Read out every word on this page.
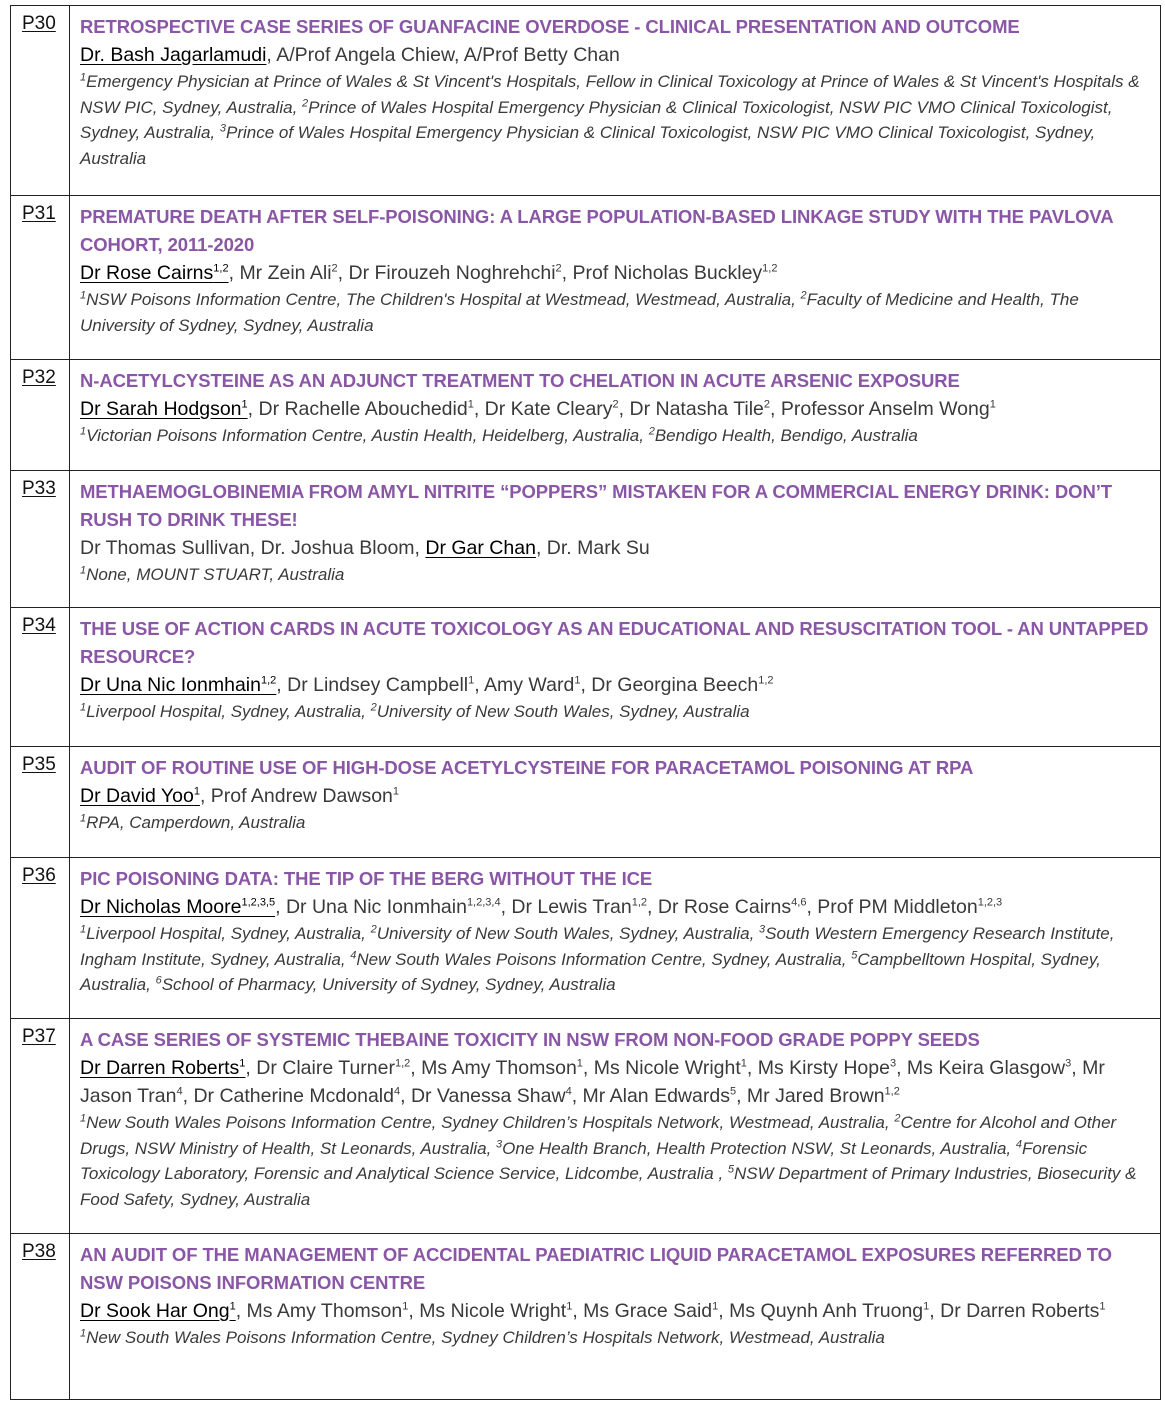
P30	RETROSPECTIVE CASE SERIES OF GUANFACINE OVERDOSE - CLINICAL PRESENTATION AND OUTCOME
Dr. Bash Jagarlamudi, A/Prof Angela Chiew, A/Prof Betty Chan
$^1$Emergency Physician at Prince of Wales & St Vincent's Hospitals, Fellow in Clinical Toxicology at Prince of Wales & St Vincent's Hospitals & NSW PIC, Sydney, Australia, $^2$Prince of Wales Hospital Emergency Physician & Clinical Toxicologist, NSW PIC VMO Clinical Toxicologist, Sydney, Australia, $^3$Prince of Wales Hospital Emergency Physician & Clinical Toxicologist, NSW PIC VMO Clinical Toxicologist, Sydney, Australia

P31	PREMATURE DEATH AFTER SELF-POISONING: A LARGE POPULATION-BASED LINKAGE STUDY WITH THE PAVLOVA COHORT, 2011-2020
Dr Rose Cairns$^{1,2}$, Mr Zein Ali$^2$, Dr Firouzeh Noghrehchi$^2$, Prof Nicholas Buckley$^{1,2}$
$^1$NSW Poisons Information Centre, The Children's Hospital at Westmead, Westmead, Australia, $^2$Faculty of Medicine and Health, The University of Sydney, Sydney, Australia

P32	N-ACETYLCYSTEINE AS AN ADJUNCT TREATMENT TO CHELATION IN ACUTE ARSENIC EXPOSURE
Dr Sarah Hodgson$^1$, Dr Rachelle Abouchedid$^1$, Dr Kate Cleary$^2$, Dr Natasha Tile$^2$, Professor Anselm Wong$^1$
$^1$Victorian Poisons Information Centre, Austin Health, Heidelberg, Australia, $^2$Bendigo Health, Bendigo, Australia

P33	METHAEMOGLOBINEMIA FROM AMYL NITRITE “POPPERS” MISTAKEN FOR A COMMERCIAL ENERGY DRINK: DON’T RUSH TO DRINK THESE!
Dr Thomas Sullivan, Dr. Joshua Bloom, Dr Gar Chan, Dr. Mark Su
$^1$None, MOUNT STUART, Australia

P34	THE USE OF ACTION CARDS IN ACUTE TOXICOLOGY AS AN EDUCATIONAL AND RESUSCITATION TOOL - AN UNTAPPED RESOURCE?
Dr Una Nic Ionmhain$^{1,2}$, Dr Lindsey Campbell$^1$, Amy Ward$^1$, Dr Georgina Beech$^{1,2}$
$^1$Liverpool Hospital, Sydney, Australia, $^2$University of New South Wales, Sydney, Australia

P35	AUDIT OF ROUTINE USE OF HIGH-DOSE ACETYLCYSTEINE FOR PARACETAMOL POISONING AT RPA
Dr David Yoo$^1$, Prof Andrew Dawson$^1$
$^1$RPA, Camperdown, Australia

P36	PIC POISONING DATA: THE TIP OF THE BERG WITHOUT THE ICE
Dr Nicholas Moore$^{1,2,3,5}$, Dr Una Nic Ionmhain$^{1,2,3,4}$, Dr Lewis Tran$^{1,2}$, Dr Rose Cairns$^{4,6}$, Prof PM Middleton$^{1,2,3}$
$^1$Liverpool Hospital, Sydney, Australia, $^2$University of New South Wales, Sydney, Australia, $^3$South Western Emergency Research Institute, Ingham Institute, Sydney, Australia, $^4$New South Wales Poisons Information Centre, Sydney, Australia, $^5$Campbelltown Hospital, Sydney, Australia, $^6$School of Pharmacy, University of Sydney, Sydney, Australia

P37	A CASE SERIES OF SYSTEMIC THEBAINE TOXICITY IN NSW FROM NON-FOOD GRADE POPPY SEEDS
Dr Darren Roberts$^1$, Dr Claire Turner$^{1,2}$, Ms Amy Thomson$^1$, Ms Nicole Wright$^1$, Ms Kirsty Hope$^3$, Ms Keira Glasgow$^3$, Mr Jason Tran$^4$, Dr Catherine Mcdonald$^4$, Dr Vanessa Shaw$^4$, Mr Alan Edwards$^5$, Mr Jared Brown$^{1,2}$
$^1$New South Wales Poisons Information Centre, Sydney Children’s Hospitals Network, Westmead, Australia, $^2$Centre for Alcohol and Other Drugs, NSW Ministry of Health, St Leonards, Australia, $^3$One Health Branch, Health Protection NSW, St Leonards, Australia, $^4$Forensic Toxicology Laboratory, Forensic and Analytical Science Service, Lidcombe, Australia , $^5$NSW Department of Primary Industries, Biosecurity & Food Safety, Sydney, Australia

P38	AN AUDIT OF THE MANAGEMENT OF ACCIDENTAL PAEDIATRIC LIQUID PARACETAMOL EXPOSURES REFERRED TO NSW POISONS INFORMATION CENTRE
Dr Sook Har Ong$^1$, Ms Amy Thomson$^1$, Ms Nicole Wright$^1$, Ms Grace Said$^1$, Ms Quynh Anh Truong$^1$, Dr Darren Roberts$^1$
$^1$New South Wales Poisons Information Centre, Sydney Children’s Hospitals Network, Westmead, Australia
